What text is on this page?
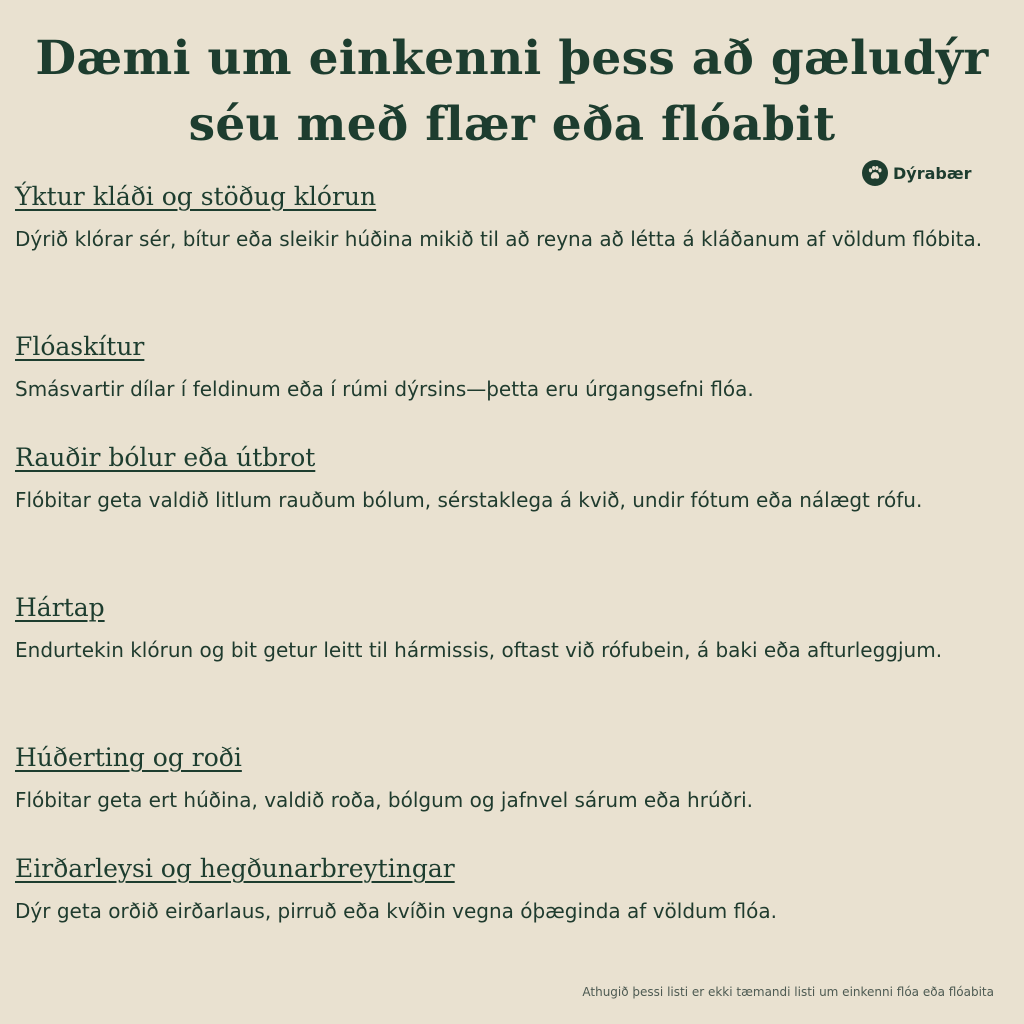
Dæmi um einkenni þess að gæludýr séu með flær eða flóabit
Dýrabær
Ýktur kláði og stöðug klórun

Dýrið klórar sér, bítur eða sleikir húðina mikið til að reyna að létta á kláðanum af völdum flóbita.

Flóaskítur

Smásvartir dílar í feldinum eða í rúmi dýrsins—þetta eru úrgangsefni flóa.

Rauðir bólur eða útbrot

Flóbitar geta valdið litlum rauðum bólum, sérstaklega á kvið, undir fótum eða nálægt rófu.

Hártap

Endurtekin klórun og bit getur leitt til hármissis, oftast við rófubein, á baki eða afturleggjum.

Húðerting og roði

Flóbitar geta ert húðina, valdið roða, bólgum og jafnvel sárum eða hrúðri.

Eirðarleysi og hegðunarbreytingar

Dýr geta orðið eirðarlaus, pirruð eða kvíðin vegna óþæginda af völdum flóa.

Athugið þessi listi er ekki tæmandi listi um einkenni flóa eða flóabita
